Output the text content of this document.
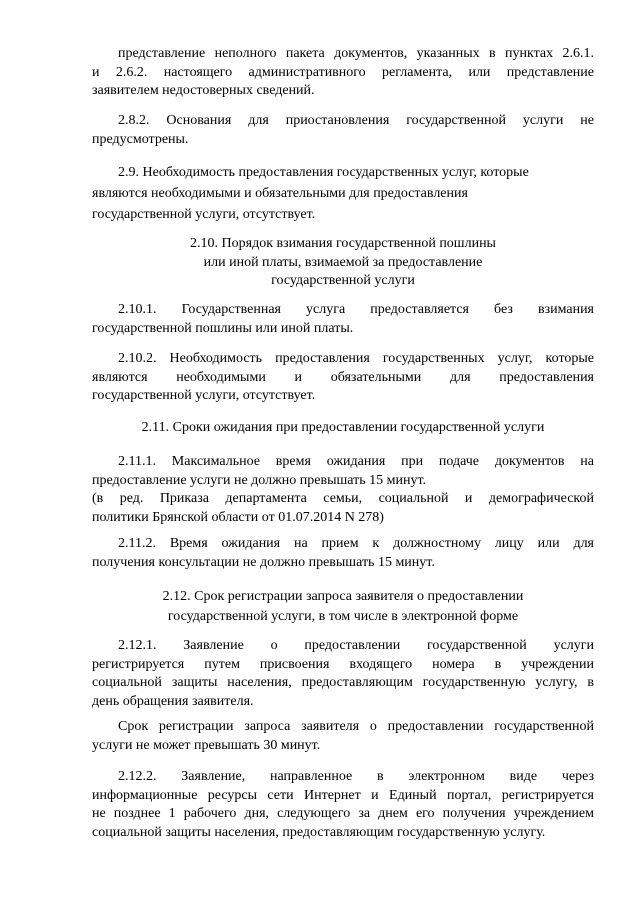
представление неполного пакета документов, указанных в пунктах 2.6.1.
и 2.6.2. настоящего административного регламента, или представление
заявителем недостоверных сведений.
2.8.2. Основания для приостановления государственной услуги не
предусмотрены.
2.9. Необходимость предоставления государственных услуг, которые
являются необходимыми и обязательными для предоставления
государственной услуги, отсутствует.
2.10. Порядок взимания государственной пошлины
или иной платы, взимаемой за предоставление
государственной услуги
2.10.1. Государственная услуга предоставляется без взимания
государственной пошлины или иной платы.
2.10.2. Необходимость предоставления государственных услуг, которые
являются необходимыми и обязательными для предоставления
государственной услуги, отсутствует.
2.11. Сроки ожидания при предоставлении государственной услуги
2.11.1. Максимальное время ожидания при подаче документов на
предоставление услуги не должно превышать 15 минут.
(в ред. Приказа департамента семьи, социальной и демографической
политики Брянской области от 01.07.2014 N 278)
2.11.2. Время ожидания на прием к должностному лицу или для
получения консультации не должно превышать 15 минут.
2.12. Срок регистрации запроса заявителя о предоставлении
государственной услуги, в том числе в электронной форме
2.12.1. Заявление о предоставлении государственной услуги
регистрируется путем присвоения входящего номера в учреждении
социальной защиты населения, предоставляющим государственную услугу, в
день обращения заявителя.
Срок регистрации запроса заявителя о предоставлении государственной
услуги не может превышать 30 минут.
2.12.2. Заявление, направленное в электронном виде через
информационные ресурсы сети Интернет и Единый портал, регистрируется
не позднее 1 рабочего дня, следующего за днем его получения учреждением
социальной защиты населения, предоставляющим государственную услугу.
